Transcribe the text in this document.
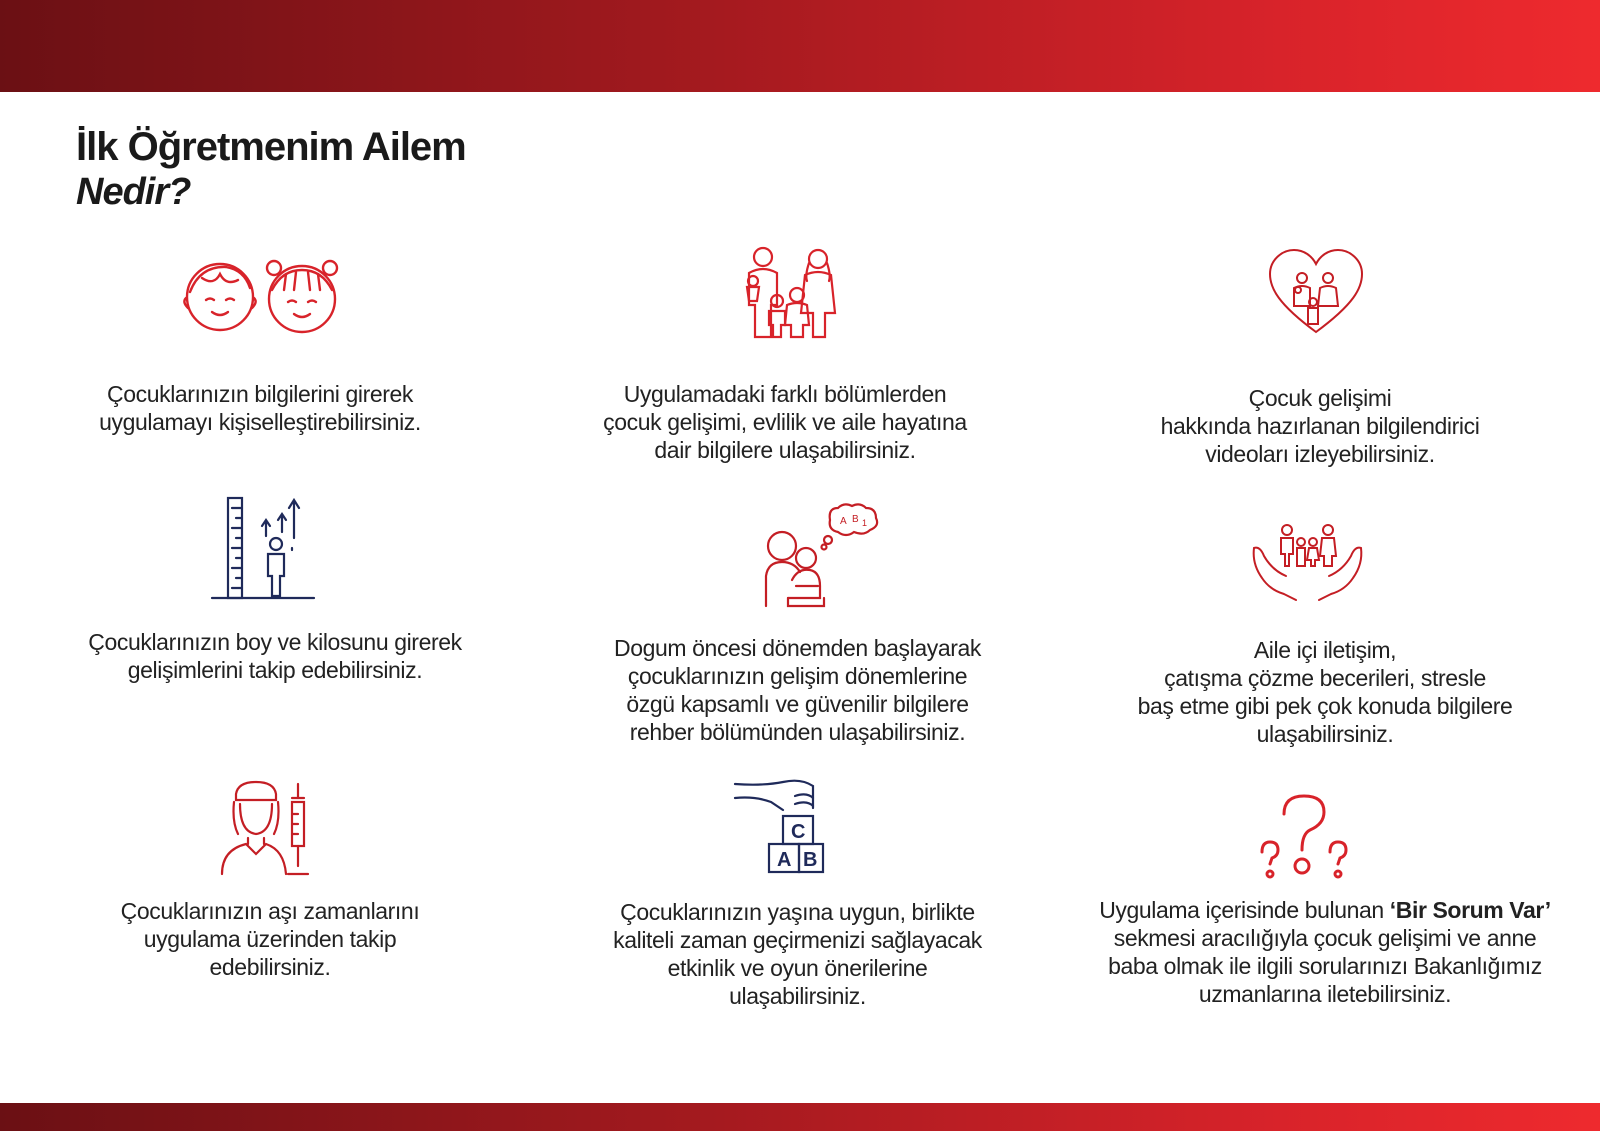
İlk Öğretmenim Ailem
Nedir?
A B 1
C
A B
Çocuklarınızın bilgilerini girerek
uygulamayı kişiselleştirebilirsiniz.
Uygulamadaki farklı bölümlerden
çocuk gelişimi, evlilik ve aile hayatına
dair bilgilere ulaşabilirsiniz.
Çocuk gelişimi
hakkında hazırlanan bilgilendirici
videoları izleyebilirsiniz.
Çocuklarınızın boy ve kilosunu girerek
gelişimlerini takip edebilirsiniz.
Dogum öncesi dönemden başlayarak
çocuklarınızın gelişim dönemlerine
özgü kapsamlı ve güvenilir bilgilere
rehber bölümünden ulaşabilirsiniz.
Aile içi iletişim,
çatışma çözme becerileri, stresle
baş etme gibi pek çok konuda bilgilere
ulaşabilirsiniz.
Çocuklarınızın aşı zamanlarını
uygulama üzerinden takip
edebilirsiniz.
Çocuklarınızın yaşına uygun, birlikte
kaliteli zaman geçirmenizi sağlayacak
etkinlik ve oyun önerilerine
ulaşabilirsiniz.
Uygulama içerisinde bulunan ‘Bir Sorum Var’
sekmesi aracılığıyla çocuk gelişimi ve anne
baba olmak ile ilgili sorularınızı Bakanlığımız
uzmanlarına iletebilirsiniz.
